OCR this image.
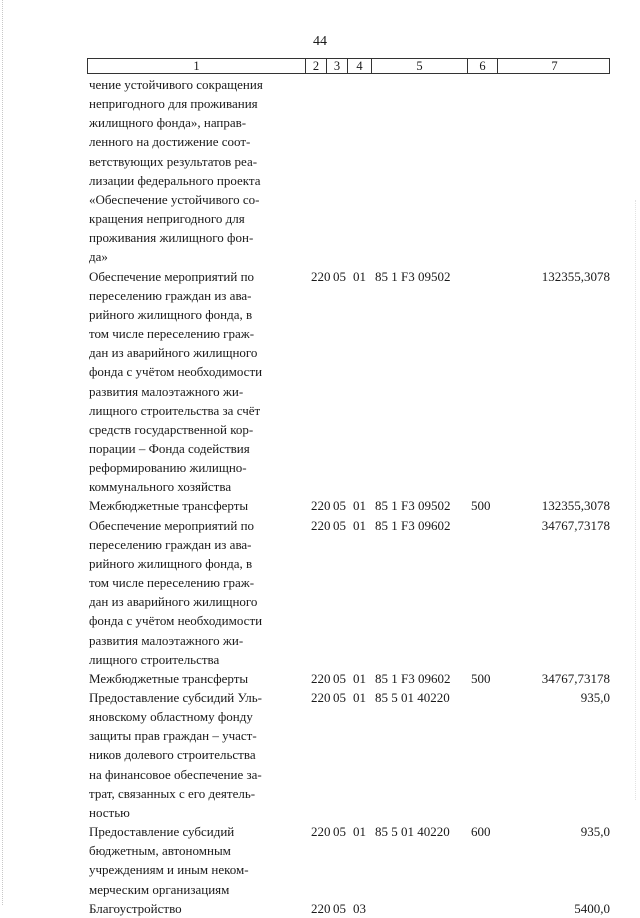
44
1	2	3	4	5	6	7
чение устойчивого сокращения
непригодного для проживания
жилищного фонда», направ-
ленного на достижение соот-
ветствующих результатов реа-
лизации федерального проекта
«Обеспечение устойчивого со-
кращения непригодного для
проживания жилищного фон-
да»
Обеспечение мероприятий по
переселению граждан из ава-
рийного жилищного фонда, в
том числе переселению граж-
дан из аварийного жилищного
фонда с учётом необходимости
развития малоэтажного жи-
лищного строительства за счёт
средств государственной кор-
порации – Фонда содействия
реформированию жилищно-
коммунального хозяйства
220 05 01 85 1 F3 09502	132355,3078
Межбюджетные трансферты	220 05 01 85 1 F3 09502	500	132355,3078
Обеспечение мероприятий по
переселению граждан из ава-
рийного жилищного фонда, в
том числе переселению граж-
дан из аварийного жилищного
фонда с учётом необходимости
развития малоэтажного жи-
лищного строительства
220 05 01 85 1 F3 09602	34767,73178
Межбюджетные трансферты	220 05 01 85 1 F3 09602	500	34767,73178
Предоставление субсидий Уль-
яновскому областному фонду
защиты прав граждан – участ-
ников долевого строительства
на финансовое обеспечение за-
трат, связанных с его деятель-
ностью
220 05 01 85 5 01 40220	935,0
Предоставление субсидий
бюджетным, автономным
учреждениям и иным неком-
мерческим организациям
220 05 01 85 5 01 40220	600	935,0
Благоустройство	220 05 03	5400,0
